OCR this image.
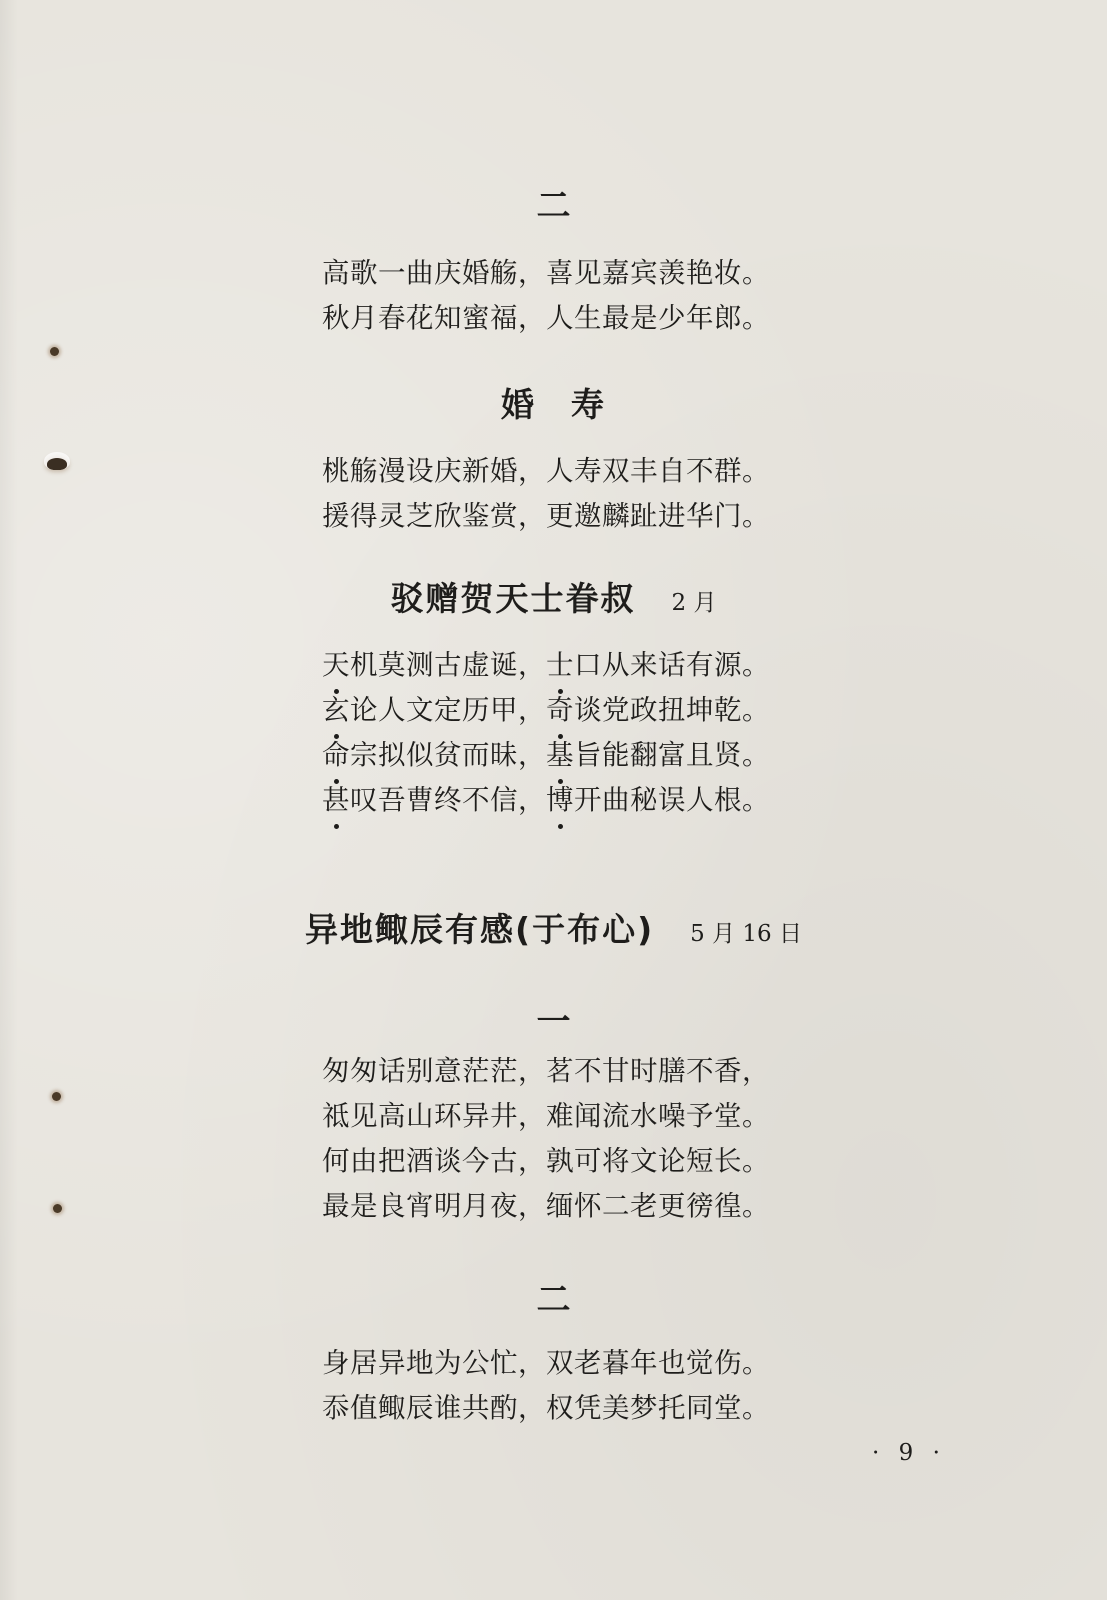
二
高歌一曲庆婚觞，喜见嘉宾羡艳妆。
秋月春花知蜜福，人生最是少年郎。
婚　寿
桃觞漫设庆新婚，人寿双丰自不群。
援得灵芝欣鉴赏，更邀麟趾进华门。
驳赠贺天士眷叔 2 月
天
机莫测古虚诞，士
口从来话有源。
玄
论人文定历甲，奇
谈党政扭坤乾。
命
宗拟似贫而昧，基
旨能翻富且贤。
甚
叹吾曹终不信，博
开曲秘误人根。
异地鲰辰有感(于布心) 5 月 16 日
一
匆匆话别意茫茫，茗不甘时膳不香，
祗见高山环异井，难闻流水噪予堂。
何由把酒谈今古，孰可将文论短长。
最是良宵明月夜，缅怀二老更徬徨。
二
身居异地为公忙，双老暮年也觉伤。
忝值鲰辰谁共酌，权凭美梦托同堂。
· 9 ·
